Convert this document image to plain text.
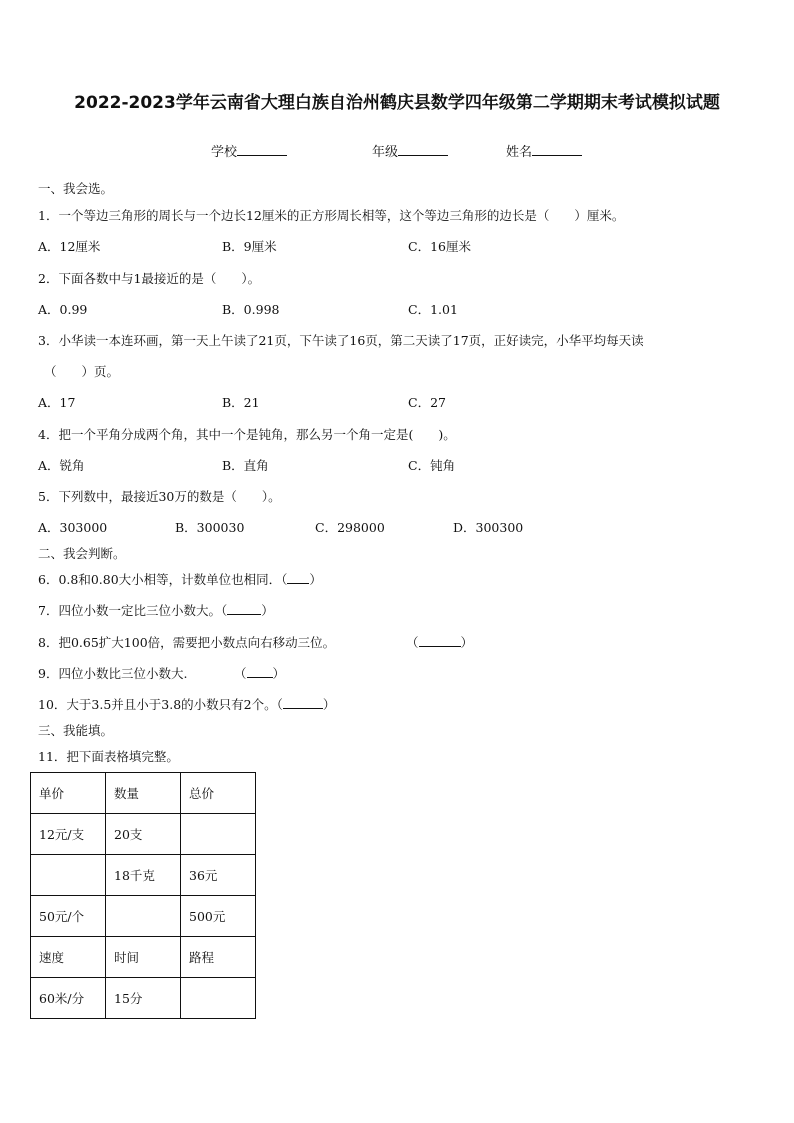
2022-2023学年云南省大理白族自治州鹤庆县数学四年级第二学期期末考试模拟试题
学校	年级	姓名
一、我会选。
1．一个等边三角形的周长与一个边长12厘米的正方形周长相等，这个等边三角形的边长是（　　）厘米。
A．12厘米	B．9厘米	C．16厘米
2．下面各数中与1最接近的是（　　）。
A．0.99	B．0.998	C．1.01
3．小华读一本连环画，第一天上午读了21页，下午读了16页，第二天读了17页，正好读完，小华平均每天读
（　　）页。
A．17	B．21	C．27
4．把一个平角分成两个角，其中一个是钝角，那么另一个角一定是(　　)。
A．锐角	B．直角	C．钝角
5．下列数中，最接近30万的数是（　　）。
A．303000	B．300030	C．298000	D．300300
二、我会判断。
6．0.8和0.80大小相等，计数单位也相同．（ ）
7．四位小数一定比三位小数大。（	）
8．把0.65扩大100倍，需要把小数点向右移动三位。	（	）
9．四位小数比三位小数大.	（ ）
10．大于3.5并且小于3.8的小数只有2个。（	）
三、我能填。
11．把下面表格填完整。
单价	数量	总价
12元/支	20支	
	18千克	36元
50元/个		500元
速度	时间	路程
60米/分	15分	
